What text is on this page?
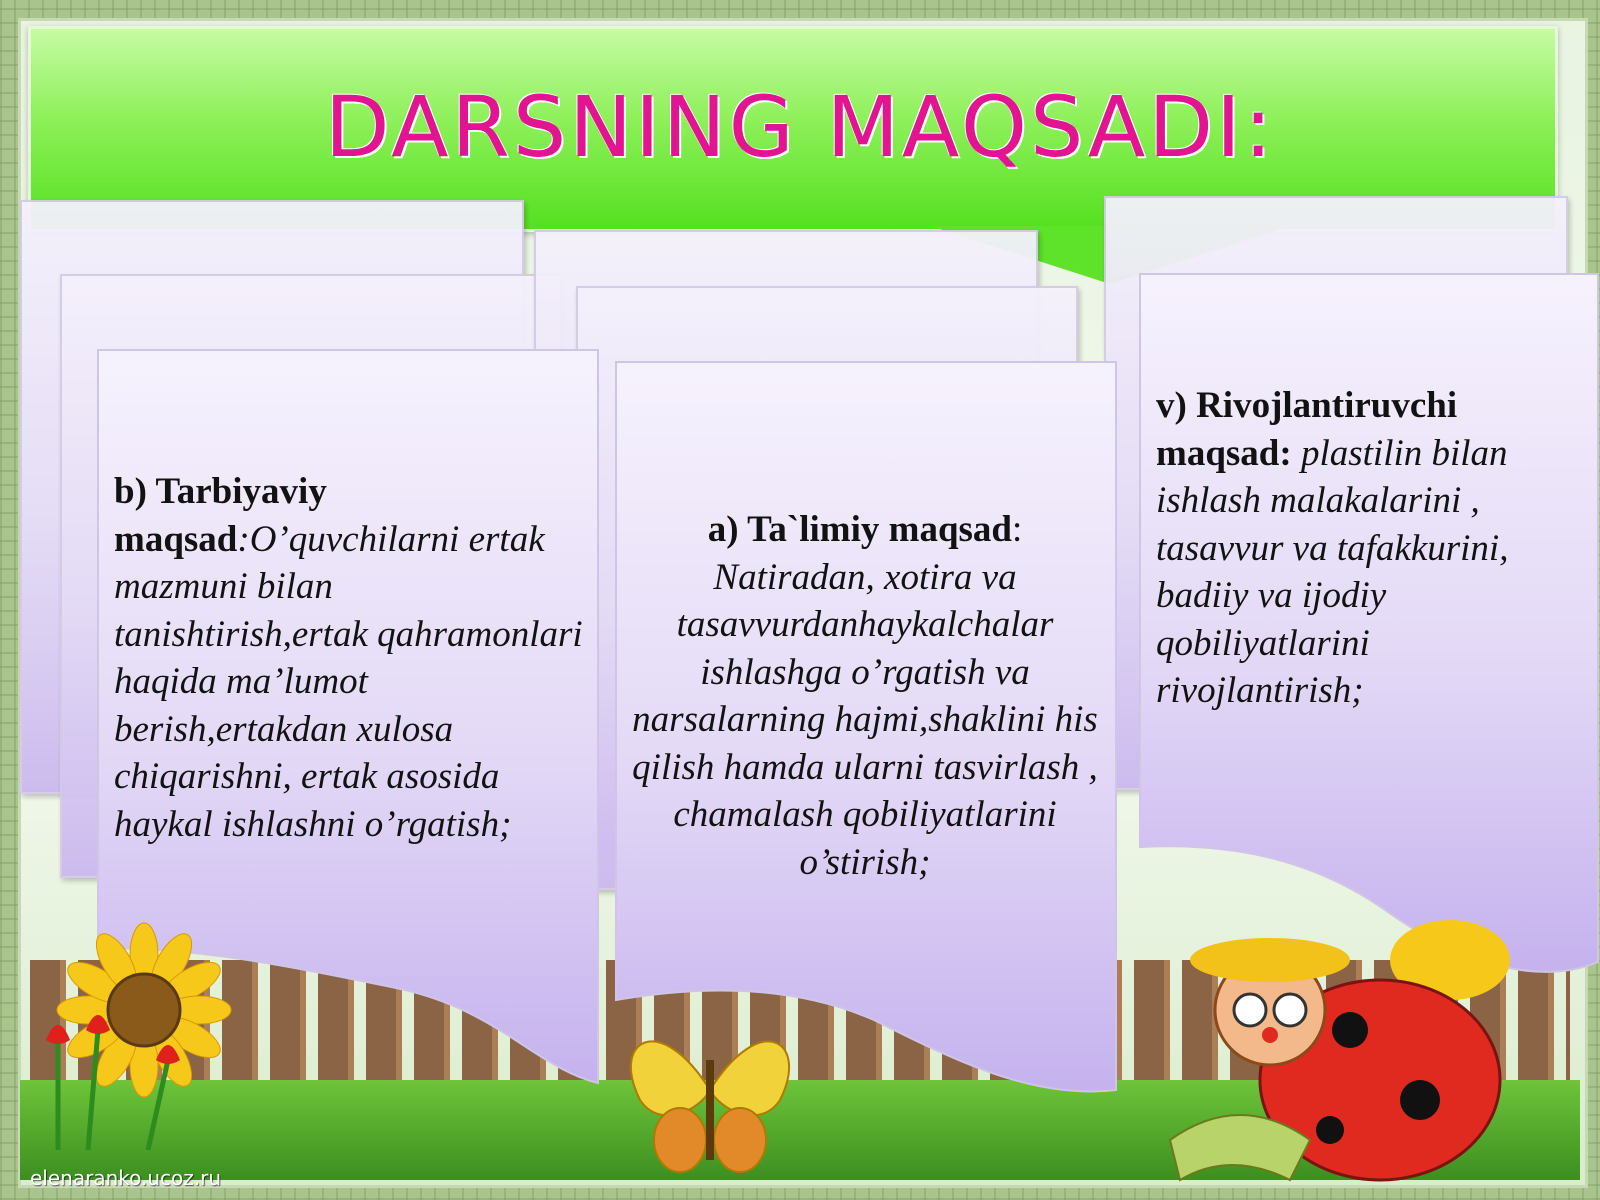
DARSNING MAQSADI:
b) Tarbiyaviy
maqsad:O’quvchilarni ertak mazmuni bilan tanishtirish,ertak qahramonlari haqida ma’lumot berish,ertakdan xulosa chiqarishni, ertak asosida haykal ishlashni o’rgatish;
a) Ta`limiy maqsad:
Natiradan, xotira va tasavvurdanhaykalchalar ishlashga o’rgatish va narsalarning hajmi,shaklini his qilish hamda ularni tasvirlash , chamalash qobiliyatlarini o’stirish;
v) Rivojlantiruvchi maqsad: plastilin bilan ishlash malakalarini , tasavvur va tafakkurini, badiiy va ijodiy qobiliyatlarini rivojlantirish;
elenaranko.ucoz.ru
